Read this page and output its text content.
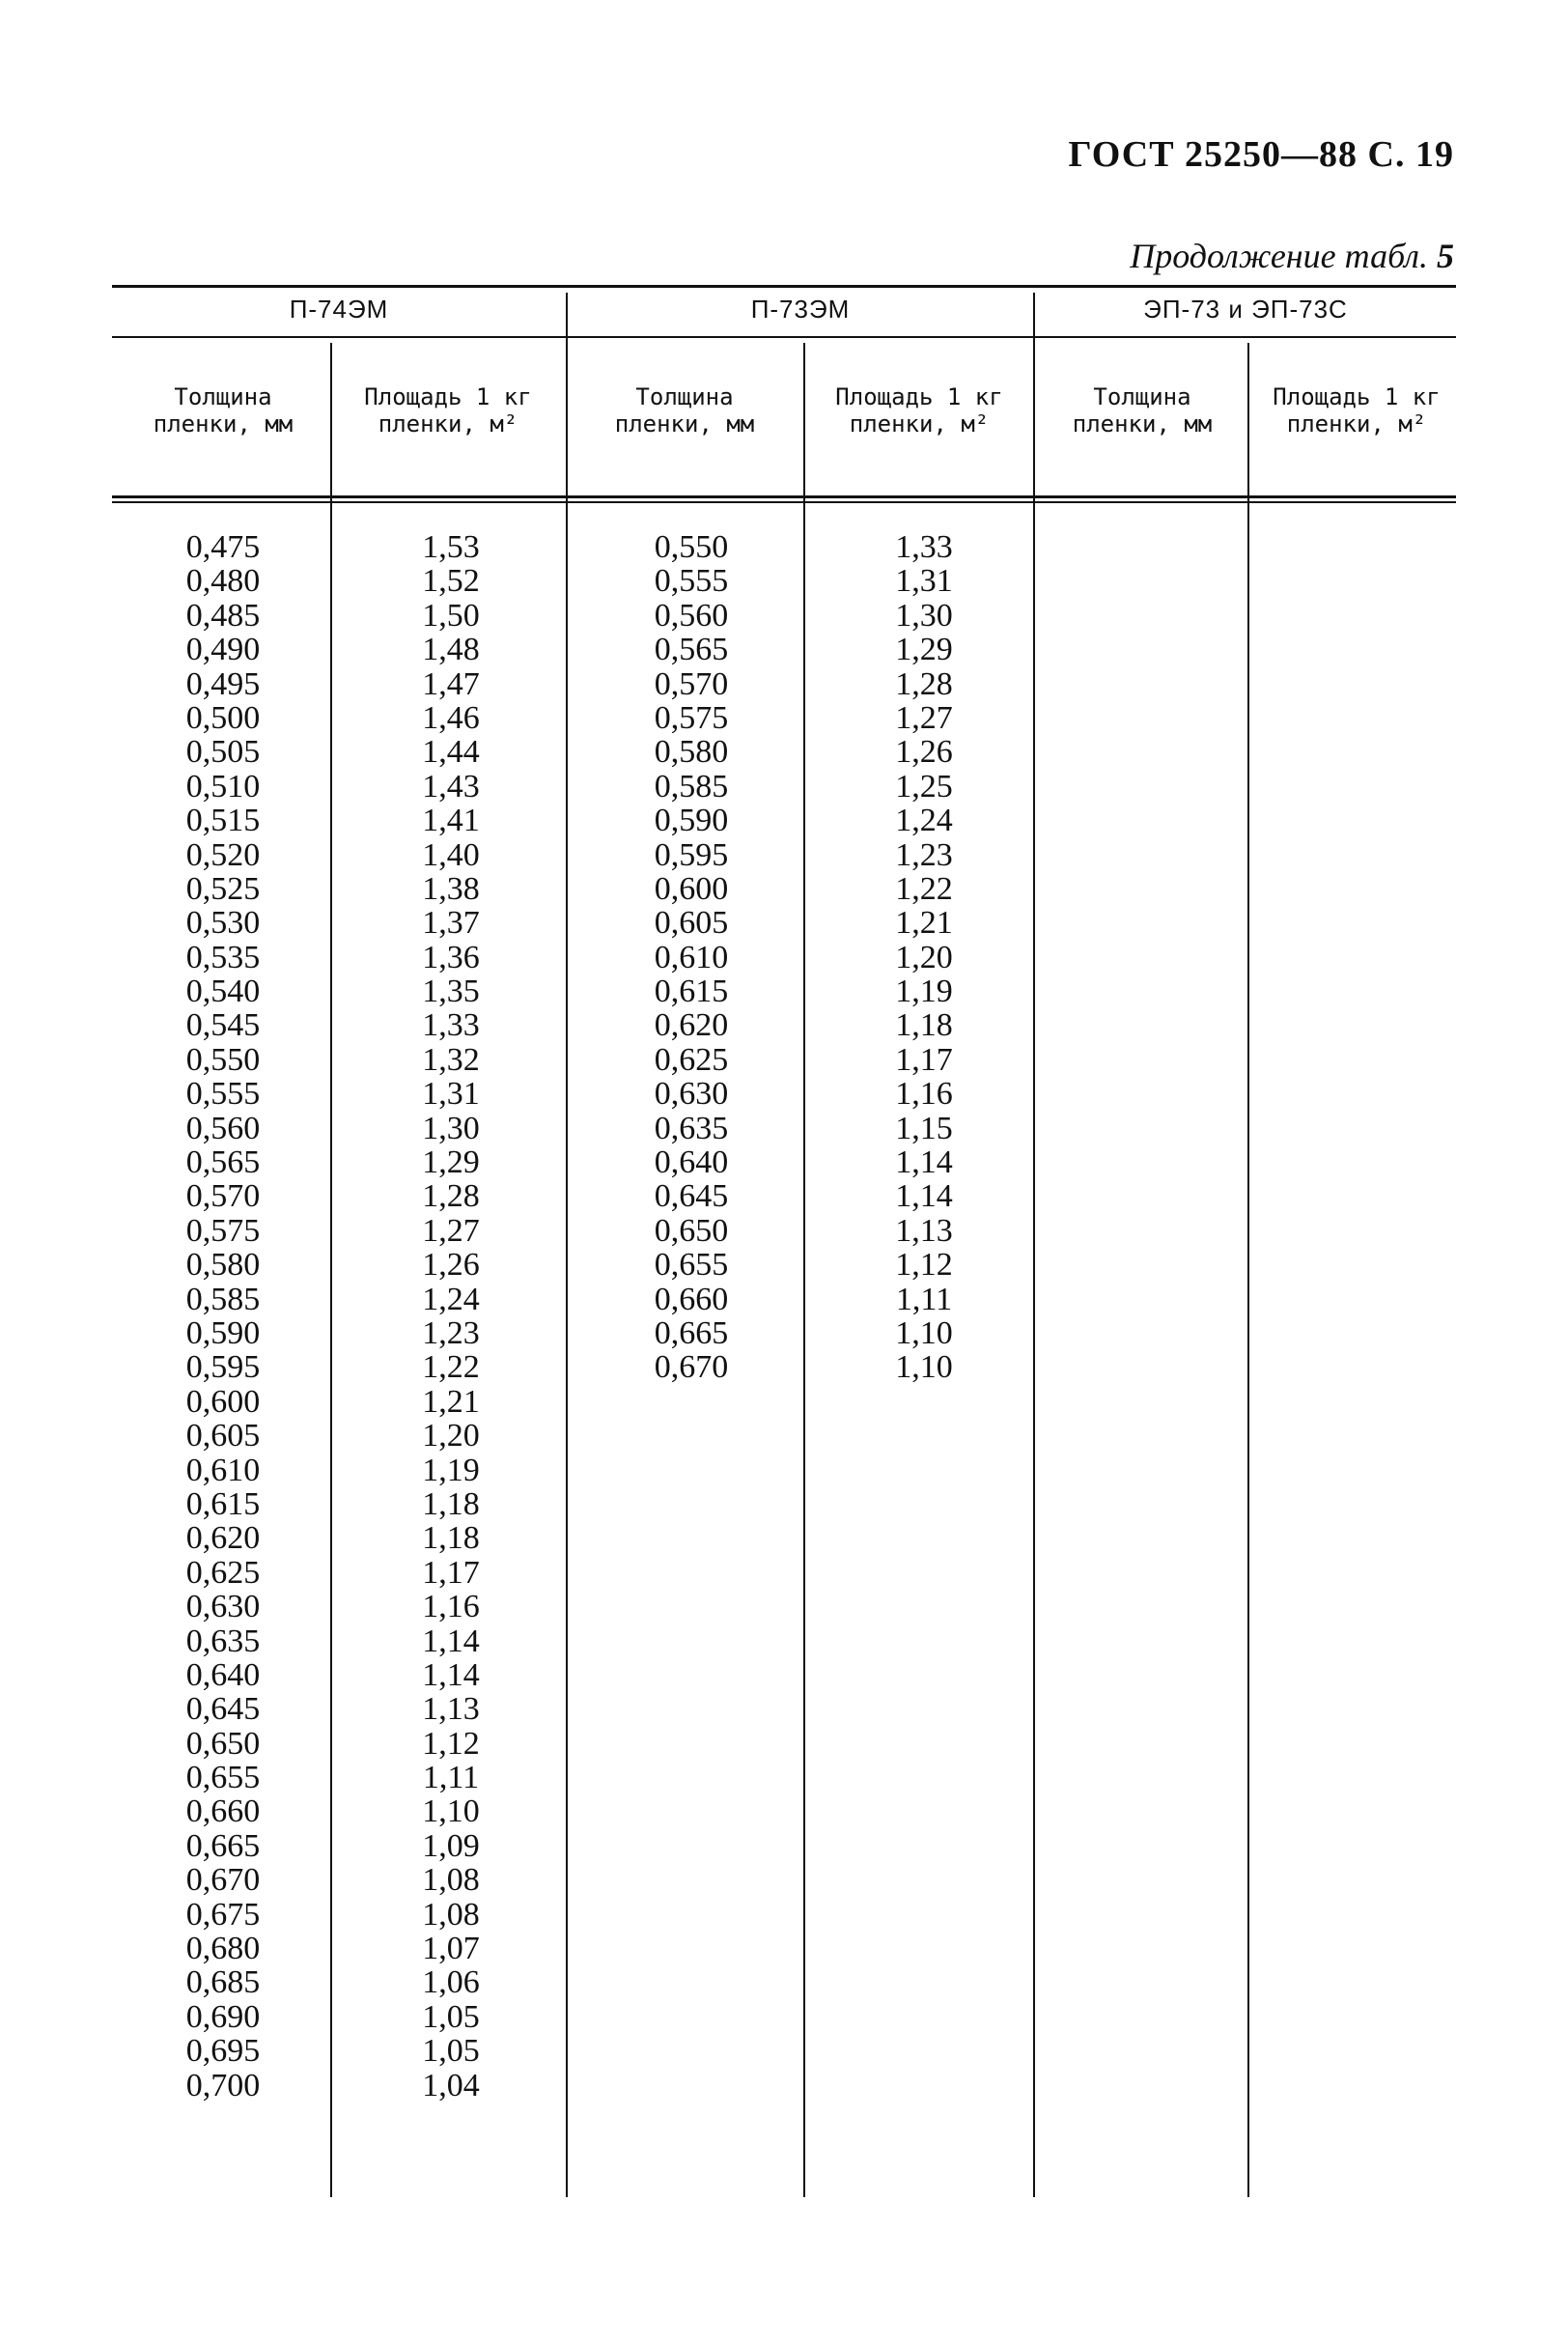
ГОСТ 25250—88 С. 19
Продолжение табл. 5
П-74ЭМ	П-73ЭМ	ЭП-73 и ЭП-73С
Толщина пленки, мм
Площадь 1 кг пленки, м²
Толщина пленки, мм
Площадь 1 кг пленки, м²
Толщина пленки, мм
Площадь 1 кг пленки, м²
0,475
0,480
0,485
0,490
0,495
0,500
0,505
0,510
0,515
0,520
0,525
0,530
0,535
0,540
0,545
0,550
0,555
0,560
0,565
0,570
0,575
0,580
0,585
0,590
0,595
0,600
0,605
0,610
0,615
0,620
0,625
0,630
0,635
0,640
0,645
0,650
0,655
0,660
0,665
0,670
0,675
0,680
0,685
0,690
0,695
0,700
1,53
1,52
1,50
1,48
1,47
1,46
1,44
1,43
1,41
1,40
1,38
1,37
1,36
1,35
1,33
1,32
1,31
1,30
1,29
1,28
1,27
1,26
1,24
1,23
1,22
1,21
1,20
1,19
1,18
1,18
1,17
1,16
1,14
1,14
1,13
1,12
1,11
1,10
1,09
1,08
1,08
1,07
1,06
1,05
1,05
1,04
0,550
0,555
0,560
0,565
0,570
0,575
0,580
0,585
0,590
0,595
0,600
0,605
0,610
0,615
0,620
0,625
0,630
0,635
0,640
0,645
0,650
0,655
0,660
0,665
0,670
1,33
1,31
1,30
1,29
1,28
1,27
1,26
1,25
1,24
1,23
1,22
1,21
1,20
1,19
1,18
1,17
1,16
1,15
1,14
1,14
1,13
1,12
1,11
1,10
1,10
